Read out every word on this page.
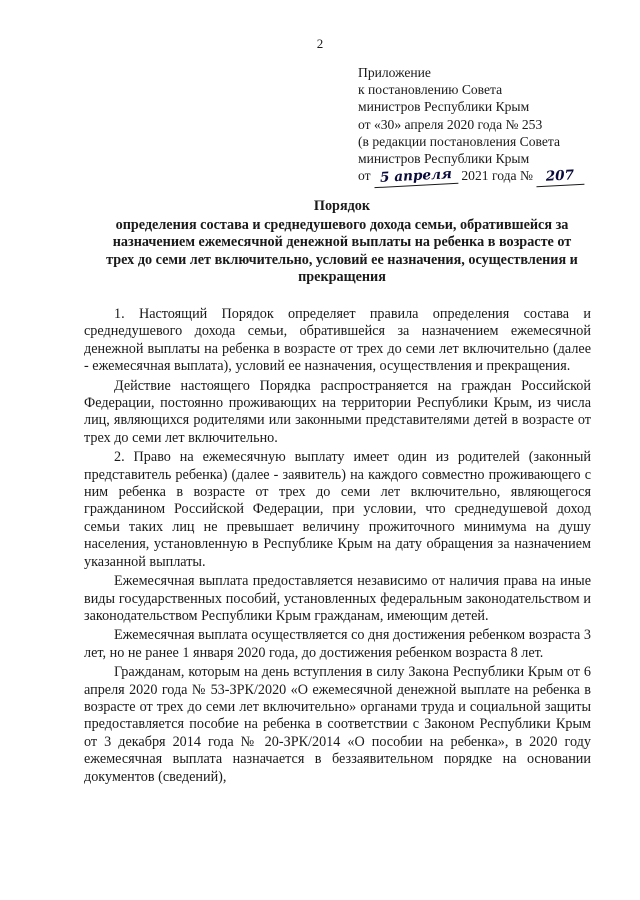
2
Приложение
к постановлению Совета
министров Республики Крым
от «30» апреля 2020 года № 253
(в редакции постановления Совета
министров Республики Крым
от 5 апреля 2021 года № 207
Порядок
определения состава и среднедушевого дохода семьи, обратившейся за
назначением ежемесячной денежной выплаты на ребенка в возрасте от
трех до семи лет включительно, условий ее назначения, осуществления и
прекращения

1. Настоящий Порядок определяет правила определения состава и среднедушевого дохода семьи, обратившейся за назначением ежемесячной денежной выплаты на ребенка в возрасте от трех до семи лет включительно (далее - ежемесячная выплата), условий ее назначения, осуществления и прекращения.

Действие настоящего Порядка распространяется на граждан Российской Федерации, постоянно проживающих на территории Республики Крым, из числа лиц, являющихся родителями или законными представителями детей в возрасте от трех до семи лет включительно.

2. Право на ежемесячную выплату имеет один из родителей (законный представитель ребенка) (далее - заявитель) на каждого совместно проживающего с ним ребенка в возрасте от трех до семи лет включительно, являющегося гражданином Российской Федерации, при условии, что среднедушевой доход семьи таких лиц не превышает величину прожиточного минимума на душу населения, установленную в Республике Крым на дату обращения за назначением указанной выплаты.

Ежемесячная выплата предоставляется независимо от наличия права на иные виды государственных пособий, установленных федеральным законодательством и законодательством Республики Крым гражданам, имеющим детей.

Ежемесячная выплата осуществляется со дня достижения ребенком возраста 3 лет, но не ранее 1 января 2020 года, до достижения ребенком возраста 8 лет.

Гражданам, которым на день вступления в силу Закона Республики Крым от 6 апреля 2020 года № 53-ЗРК/2020 «О ежемесячной денежной выплате на ребенка в возрасте от трех до семи лет включительно» органами труда и социальной защиты предоставляется пособие на ребенка в соответствии с Законом Республики Крым от 3 декабря 2014 года № 20-ЗРК/2014 «О пособии на ребенка», в 2020 году ежемесячная выплата назначается в беззаявительном порядке на основании документов (сведений),
